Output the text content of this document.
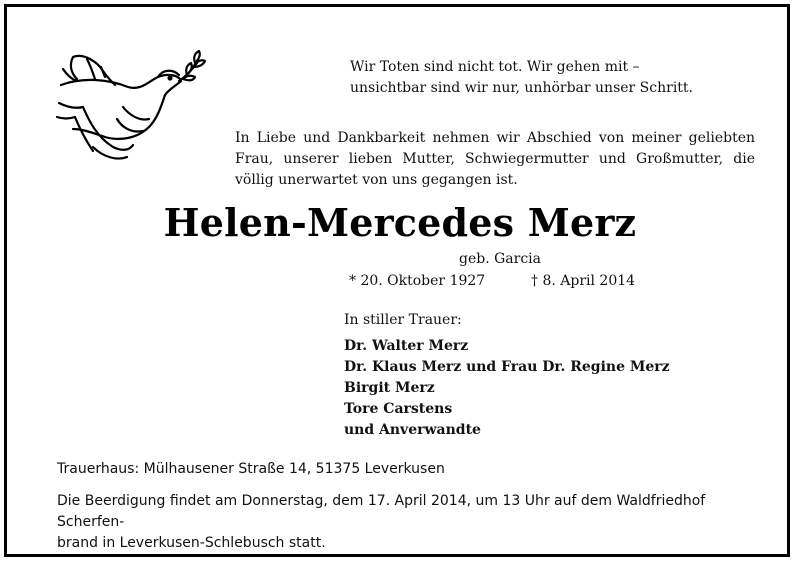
Wir Toten sind nicht tot. Wir gehen mit –
unsichtbar sind wir nur, unhörbar unser Schritt.
In Liebe und Dankbarkeit nehmen wir Abschied von meiner geliebten Frau, unserer lieben Mutter, Schwiegermutter und Großmutter, die völlig unerwartet von uns gegangen ist.
Helen-Mercedes Merz
geb. Garcia
* 20. Oktober 1927	† 8. April 2014
In stiller Trauer:
Dr. Walter Merz
Dr. Klaus Merz und Frau Dr. Regine Merz
Birgit Merz
Tore Carstens
und Anverwandte
Trauerhaus: Mülhausener Straße 14, 51375 Leverkusen
Die Beerdigung findet am Donnerstag, dem 17. April 2014, um 13 Uhr auf dem Waldfriedhof Scherfen-
brand in Leverkusen-Schlebusch statt.
